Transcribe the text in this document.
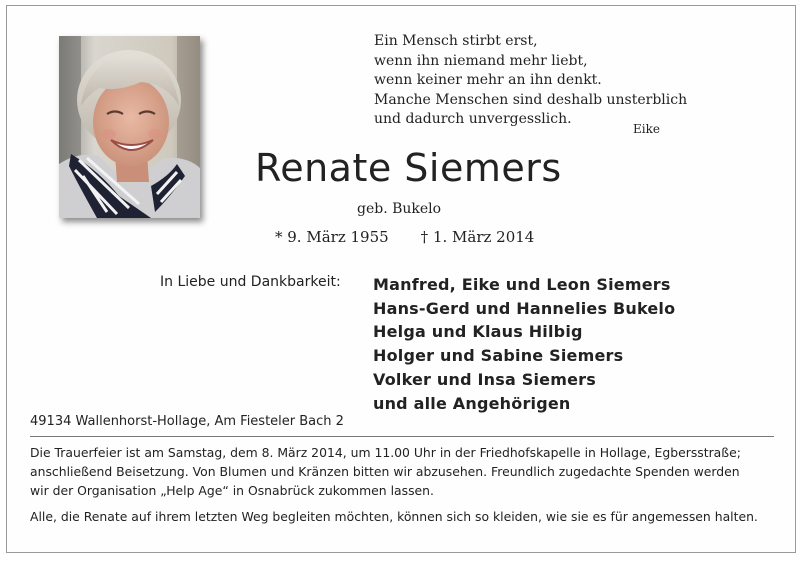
Ein Mensch stirbt erst,
wenn ihn niemand mehr liebt,
wenn keiner mehr an ihn denkt.
Manche Menschen sind deshalb unsterblich
und dadurch unvergesslich.
Eike
Renate Siemers
geb. Bukelo
* 9. März 1955 † 1. März 2014
In Liebe und Dankbarkeit: Manfred, Eike und Leon Siemers
Hans-Gerd und Hannelies Bukelo
Helga und Klaus Hilbig
Holger und Sabine Siemers
Volker und Insa Siemers
und alle Angehörigen
49134 Wallenhorst-Hollage, Am Fiesteler Bach 2
Die Trauerfeier ist am Samstag, dem 8. März 2014, um 11.00 Uhr in der Friedhofskapelle in Hollage, Egbersstraße;
anschließend Beisetzung. Von Blumen und Kränzen bitten wir abzusehen. Freundlich zugedachte Spenden werden
wir der Organisation „Help Age“ in Osnabrück zukommen lassen.
Alle, die Renate auf ihrem letzten Weg begleiten möchten, können sich so kleiden, wie sie es für angemessen halten.
